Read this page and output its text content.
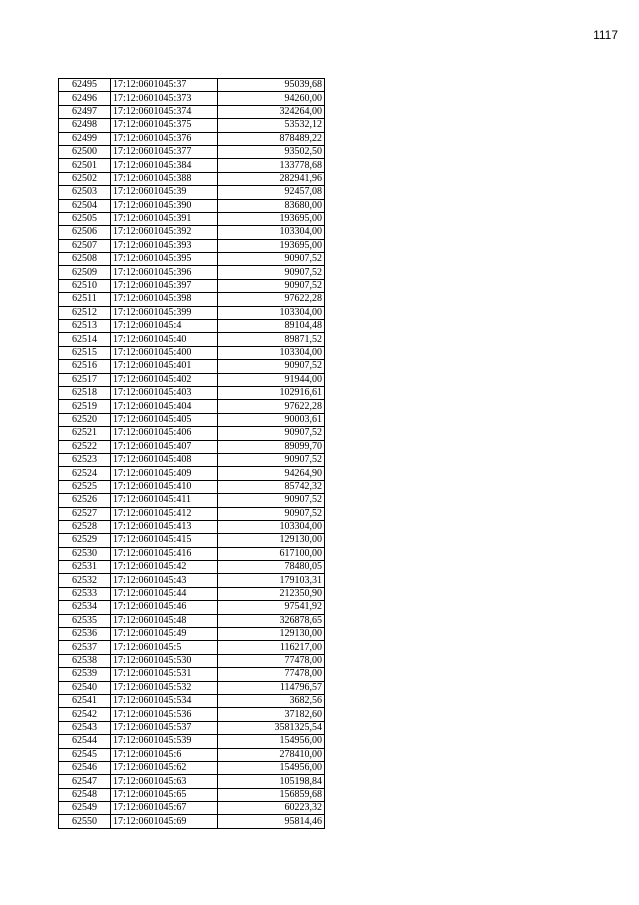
1117
62495	17:12:0601045:37	95039,68
62496	17:12:0601045:373	94260,00
62497	17:12:0601045:374	324264,00
62498	17:12:0601045:375	53532,12
62499	17:12:0601045:376	878489,22
62500	17:12:0601045:377	93502,50
62501	17:12:0601045:384	133778,68
62502	17:12:0601045:388	282941,96
62503	17:12:0601045:39	92457,08
62504	17:12:0601045:390	83680,00
62505	17:12:0601045:391	193695,00
62506	17:12:0601045:392	103304,00
62507	17:12:0601045:393	193695,00
62508	17:12:0601045:395	90907,52
62509	17:12:0601045:396	90907,52
62510	17:12:0601045:397	90907,52
62511	17:12:0601045:398	97622,28
62512	17:12:0601045:399	103304,00
62513	17:12:0601045:4	89104,48
62514	17:12:0601045:40	89871,52
62515	17:12:0601045:400	103304,00
62516	17:12:0601045:401	90907,52
62517	17:12:0601045:402	91944,00
62518	17:12:0601045:403	102916,61
62519	17:12:0601045:404	97622,28
62520	17:12:0601045:405	90003,61
62521	17:12:0601045:406	90907,52
62522	17:12:0601045:407	89099,70
62523	17:12:0601045:408	90907,52
62524	17:12:0601045:409	94264,90
62525	17:12:0601045:410	85742,32
62526	17:12:0601045:411	90907,52
62527	17:12:0601045:412	90907,52
62528	17:12:0601045:413	103304,00
62529	17:12:0601045:415	129130,00
62530	17:12:0601045:416	617100,00
62531	17:12:0601045:42	78480,05
62532	17:12:0601045:43	179103,31
62533	17:12:0601045:44	212350,90
62534	17:12:0601045:46	97541,92
62535	17:12:0601045:48	326878,65
62536	17:12:0601045:49	129130,00
62537	17:12:0601045:5	116217,00
62538	17:12:0601045:530	77478,00
62539	17:12:0601045:531	77478,00
62540	17:12:0601045:532	114796,57
62541	17:12:0601045:534	3682,56
62542	17:12:0601045:536	37182,60
62543	17:12:0601045:537	3581325,54
62544	17:12:0601045:539	154956,00
62545	17:12:0601045:6	278410,00
62546	17:12:0601045:62	154956,00
62547	17:12:0601045:63	105198,84
62548	17:12:0601045:65	156859,68
62549	17:12:0601045:67	60223,32
62550	17:12:0601045:69	95814,46
